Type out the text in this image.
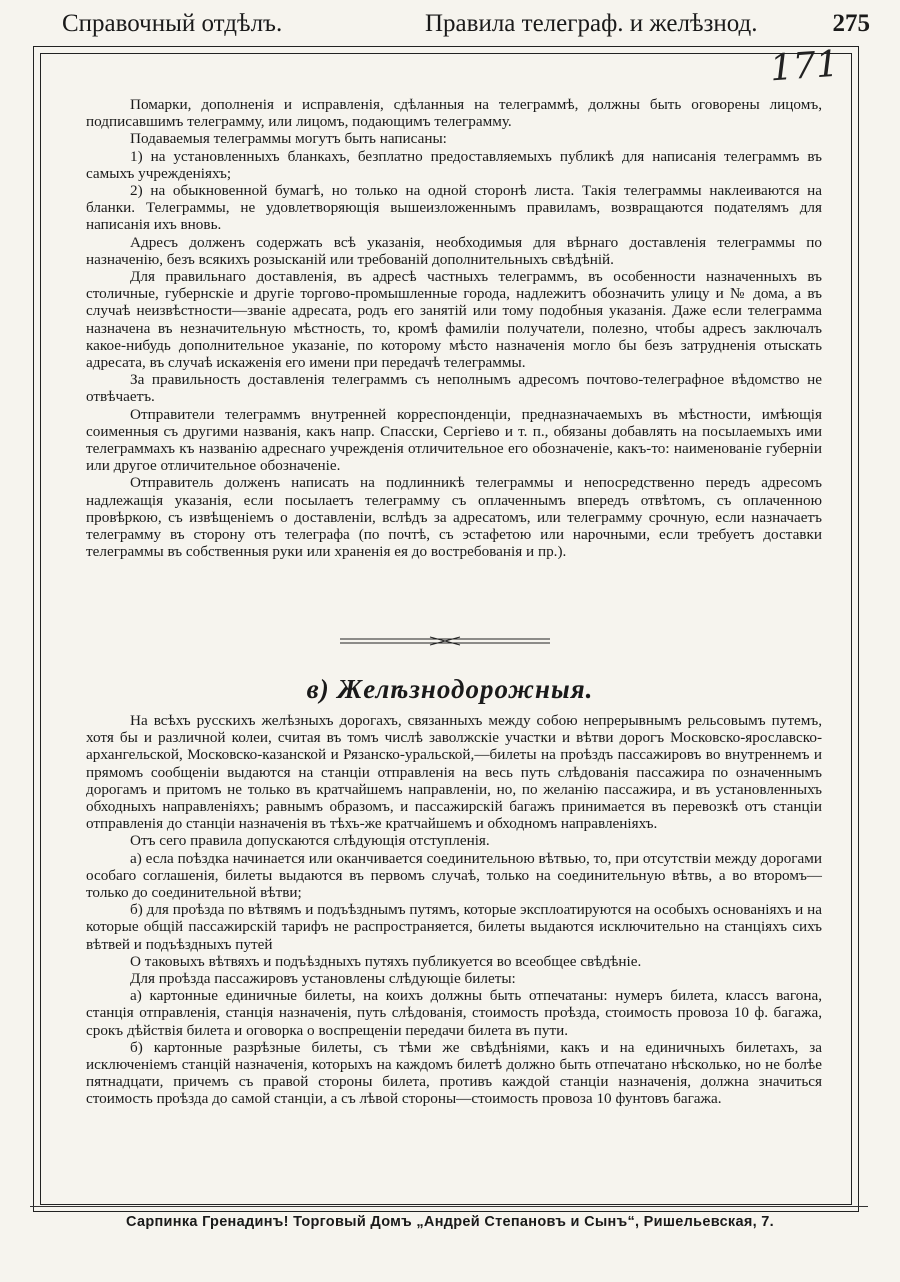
Справочный отдѣлъ.	Правила телеграф. и желѣзнод.	275
171

Помарки, дополненія и исправленія, сдѣланныя на телеграммѣ, должны быть оговорены лицомъ, подписавшимъ телеграмму, или лицомъ, подающимъ телеграмму.

Подаваемыя телеграммы могутъ быть написаны:

1) на установленныхъ бланкахъ, безплатно предоставляемыхъ публикѣ для написанія телеграммъ въ самыхъ учрежденіяхъ;

2) на обыкновенной бумагѣ, но только на одной сторонѣ листа. Такія телеграммы наклеиваются на бланки. Телеграммы, не удовлетворяющія вышеизложеннымъ правиламъ, возвращаются подателямъ для написанія ихъ вновь.

Адресъ долженъ содержать всѣ указанія, необходимыя для вѣрнаго доставленія телеграммы по назначенію, безъ всякихъ розысканій или требованій дополнительныхъ свѣдѣній.

Для правильнаго доставленія, въ адресѣ частныхъ телеграммъ, въ особенности назначенныхъ въ столичные, губернскіе и другіе торгово-промышленные города, надлежитъ обозначить улицу и № дома, а въ случаѣ неизвѣстности—званіе адресата, родъ его занятій или тому подобныя указанія. Даже если телеграмма назначена въ незначительную мѣстность, то, кромѣ фамиліи получатели, полезно, чтобы адресъ заключалъ какое-нибудь дополнительное указаніе, по которому мѣсто назначенія могло бы безъ затрудненія отыскать адресата, въ случаѣ искаженія его имени при передачѣ телеграммы.

За правильность доставленія телеграммъ съ неполнымъ адресомъ почтово-телеграфное вѣдомство не отвѣчаетъ.

Отправители телеграммъ внутренней корреспонденціи, предназначаемыхъ въ мѣстности, имѣющія соименныя съ другими названія, какъ напр. Спасски, Сергіево и т. п., обязаны добавлять на посылаемыхъ ими телеграммахъ къ названію адреснаго учрежденія отличительное его обозначеніе, какъ-то: наименованіе губерніи или другое отличительное обозначеніе.

Отправитель долженъ написать на подлинникѣ телеграммы и непосредственно передъ адресомъ надлежащія указанія, если посылаетъ телеграмму съ оплаченнымъ впередъ отвѣтомъ, съ оплаченною провѣркою, съ извѣщеніемъ о доставленіи, вслѣдъ за адресатомъ, или телеграмму срочную, если назначаетъ телеграмму въ сторону отъ телеграфа (по почтѣ, съ эстафетою или нарочными, если требуетъ доставки телеграммы въ собственныя руки или храненія ея до востребованія и пр.).

в) Желѣзнодорожныя.

На всѣхъ русскихъ желѣзныхъ дорогахъ, связанныхъ между собою непрерывнымъ рельсовымъ путемъ, хотя бы и различной колеи, считая въ томъ числѣ заволжскіе участки и вѣтви дорогъ Московско-ярославско-архангельской, Московско-казанской и Рязанско-уральской,—билеты на проѣздъ пассажировъ во внутреннемъ и прямомъ сообщеніи выдаются на станціи отправленія на весь путь слѣдованія пассажира по означеннымъ дорогамъ и притомъ не только въ кратчайшемъ направленіи, но, по желанію пассажира, и въ установленныхъ обходныхъ направленіяхъ; равнымъ образомъ, и пассажирскій багажъ принимается въ перевозкѣ отъ станціи отправленія до станціи назначенія въ тѣхъ-же кратчайшемъ и обходномъ направленіяхъ.

Отъ сего правила допускаются слѣдующія отступленія.

а) еслa поѣздка начинается или оканчивается соединительною вѣтвью, то, при отсутствіи между дорогами особаго соглашенія, билеты выдаются въ первомъ случаѣ, только на соединительную вѣтвь, а во второмъ—только до соединительной вѣтви;

б) для проѣзда по вѣтвямъ и подъѣзднымъ путямъ, которые эксплоатируются на особыхъ основаніяхъ и на которые общій пассажирскій тарифъ не распространяется, билеты выдаются исключительно на станціяхъ сихъ вѣтвей и подъѣздныхъ путей

О таковыхъ вѣтвяхъ и подъѣздныхъ путяхъ публикуется во всеобщее свѣдѣніе.

Для проѣзда пассажировъ установлены слѣдующіе билеты:

а) картонные единичные билеты, на коихъ должны быть отпечатаны: нумеръ билета, классъ вагона, станція отправленія, станція назначенія, путь слѣдованія, стоимость проѣзда, стоимость провоза 10 ф. багажа, срокъ дѣйствія билета и оговорка о воспрещеніи передачи билета въ пути.

б) картонные разрѣзные билеты, съ тѣми же свѣдѣніями, какъ и на единичныхъ билетахъ, за исключеніемъ станцій назначенія, которыхъ на каждомъ билетѣ должно быть отпечатано нѣсколько, но не болѣе пятнадцати, причемъ съ правой стороны билета, противъ каждой станціи назначенія, должна значиться стоимость проѣзда до самой станціи, а съ лѣвой стороны—стоимость провоза 10 фунтовъ багажа.

Сарпинка Гренадинъ! Торговый Домъ „Андрей Степановъ и Сынъ“, Ришельевская, 7.
